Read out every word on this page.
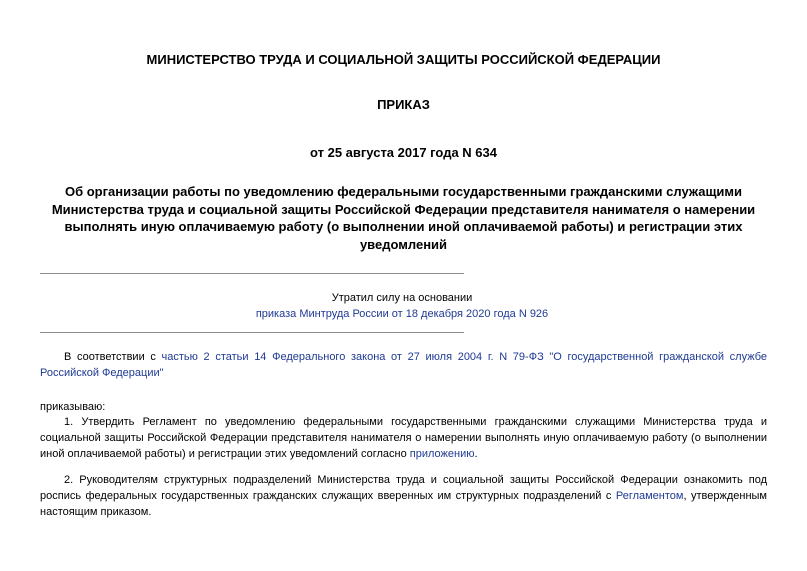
МИНИСТЕРСТВО ТРУДА И СОЦИАЛЬНОЙ ЗАЩИТЫ РОССИЙСКОЙ ФЕДЕРАЦИИ
ПРИКАЗ
от 25 августа 2017 года N 634
Об организации работы по уведомлению федеральными государственными гражданскими служащими Министерства труда и социальной защиты Российской Федерации представителя нанимателя о намерении выполнять иную оплачиваемую работу (о выполнении иной оплачиваемой работы) и регистрации этих уведомлений
Утратил силу на основании
приказа Минтруда России от 18 декабря 2020 года N 926
В соответствии с частью 2 статьи 14 Федерального закона от 27 июля 2004 г. N 79-ФЗ "О государственной гражданской службе Российской Федерации"
приказываю:
1. Утвердить Регламент по уведомлению федеральными государственными гражданскими служащими Министерства труда и социальной защиты Российской Федерации представителя нанимателя о намерении выполнять иную оплачиваемую работу (о выполнении иной оплачиваемой работы) и регистрации этих уведомлений согласно приложению.
2. Руководителям структурных подразделений Министерства труда и социальной защиты Российской Федерации ознакомить под роспись федеральных государственных гражданских служащих вверенных им структурных подразделений с Регламентом, утвержденным настоящим приказом.
